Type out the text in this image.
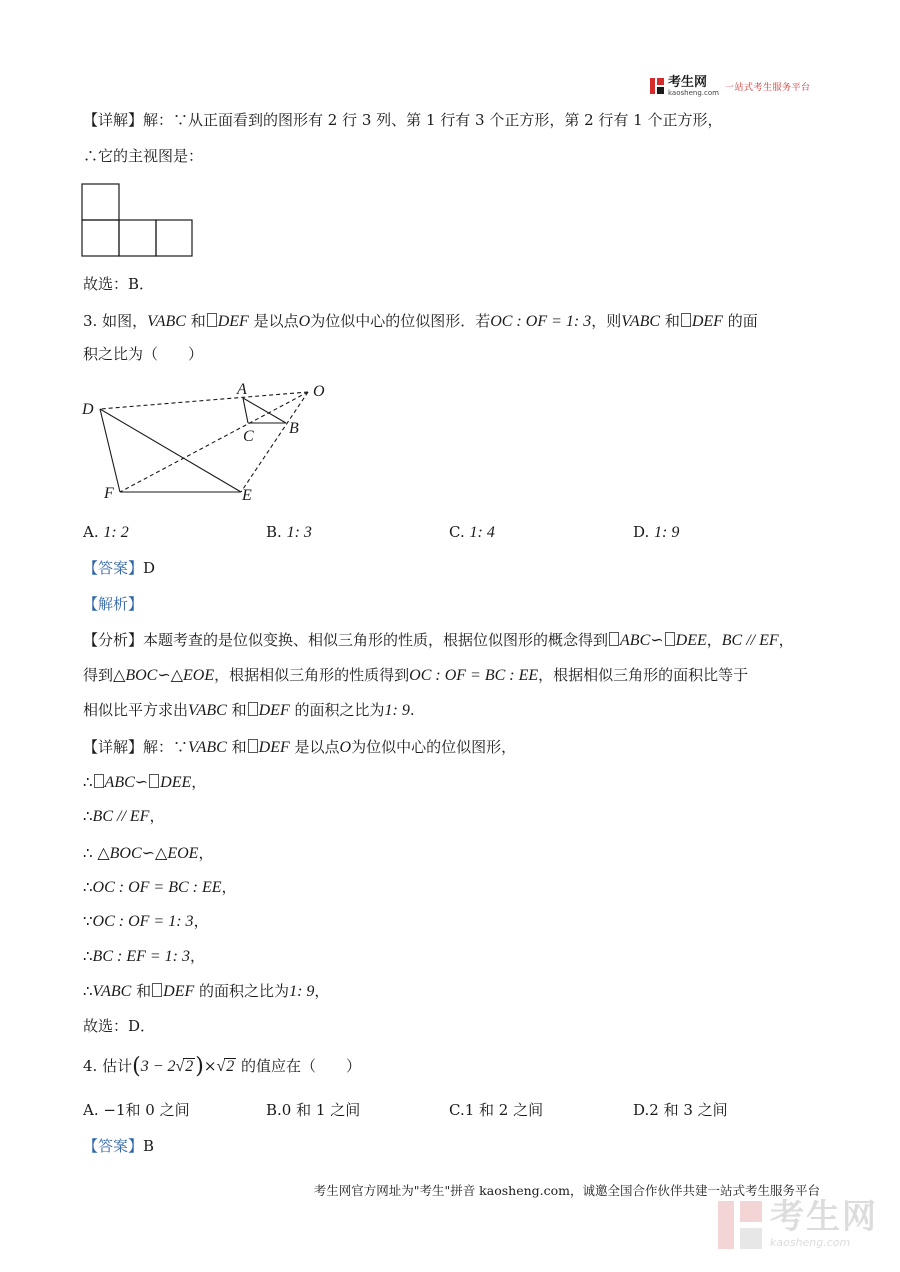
考生网
kaosheng.com 一站式考生服务平台
【详解】解：∵从正面看到的图形有 2 行 3 列、第 1 行有 3 个正方形，第 2 行有 1 个正方形，
∴它的主视图是：
故选：B．
3. 如图，VABC 和 DEF 是以点O为位似中心的位似图形．若OC : OF = 1: 3，则VABC 和 DEF 的面
积之比为（　　）
A	O
D
C B
F	E
A. 1: 2	B. 1: 3	C. 1: 4	D. 1: 9
【答案】D
【解析】
【分析】本题考查的是位似变换、相似三角形的性质，根据位似图形的概念得到 ABC∽ DEE，BC // EF，
得到△BOC∽△EOE，根据相似三角形的性质得到OC : OF = BC : EE，根据相似三角形的面积比等于
相似比平方求出VABC 和 DEF 的面积之比为1: 9.
【详解】解：∵VABC 和 DEF 是以点O为位似中心的位似图形，
∴ ABC∽ DEE，
∴BC // EF，
∴ △BOC∽△EOE，
∴OC : OF = BC : EE，
∵OC : OF = 1: 3，
∴BC : EF = 1: 3，
∴VABC 和 DEF 的面积之比为1: 9，
故选：D．
4. 估计(3 − 2√2)×√2 的值应在（　　）
A. −1和 0 之间	B.0 和 1 之间	C.1 和 2 之间	D.2 和 3 之间
【答案】B
考生网官方网址为"考生"拼音 kaosheng.com，诚邀全国合作伙伴共建一站式考生服务平台
考生网
kaosheng.com
